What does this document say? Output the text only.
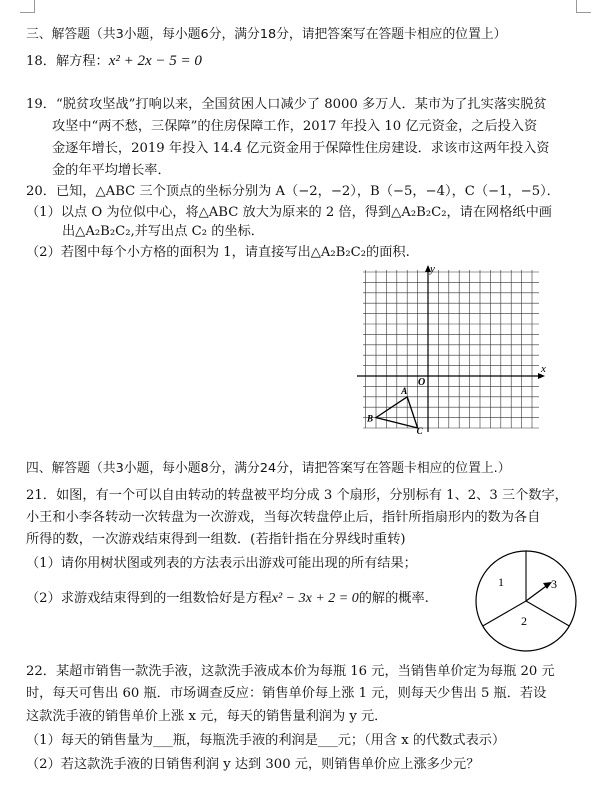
三、解答题（共3小题，每小题6分，满分18分，请把答案写在答题卡相应的位置上）
18．解方程：x² + 2x − 5 = 0
19．“脱贫攻坚战”打响以来，全国贫困人口减少了 8000 多万人．某市为了扎实落实脱贫
攻坚中“两不愁，三保障”的住房保障工作，2017 年投入 10 亿元资金，之后投入资
金逐年增长，2019 年投入 14.4 亿元资金用于保障性住房建设．求该市这两年投入资
金的年平均增长率．
20．已知，△ABC 三个顶点的坐标分别为 A（−2，−2），B（−5，−4），C（−1，−5）．
（1）以点 O 为位似中心，将△ABC 放大为原来的 2 倍，得到△A₂B₂C₂，请在网格纸中画
出△A₂B₂C₂,并写出点 C₂ 的坐标．
（2）若图中每个小方格的面积为 1，请直接写出△A₂B₂C₂的面积.
x
y
O
A
B
C
四、解答题（共3小题，每小题8分，满分24分，请把答案写在答题卡相应的位置上.）
21．如图，有一个可以自由转动的转盘被平均分成 3 个扇形，分别标有 1、2、3 三个数字，
小王和小李各转动一次转盘为一次游戏，当每次转盘停止后，指针所指扇形内的数为各自
所得的数，一次游戏结束得到一组数．(若指针指在分界线时重转)
（1）请你用树状图或列表的方法表示出游戏可能出现的所有结果；
（2）求游戏结束得到的一组数恰好是方程x² − 3x + 2 = 0的解的概率.
1
2
3
22．某超市销售一款洗手液，这款洗手液成本价为每瓶 16 元，当销售单价定为每瓶 20 元
时，每天可售出 60 瓶．市场调查反应：销售单价每上涨 1 元，则每天少售出 5 瓶．若设
这款洗手液的销售单价上涨 x 元，每天的销售量利润为 y 元．
（1）每天的销售量为___瓶，每瓶洗手液的利润是___元；（用含 x 的代数式表示）
（2）若这款洗手液的日销售利润 y 达到 300 元，则销售单价应上涨多少元？
